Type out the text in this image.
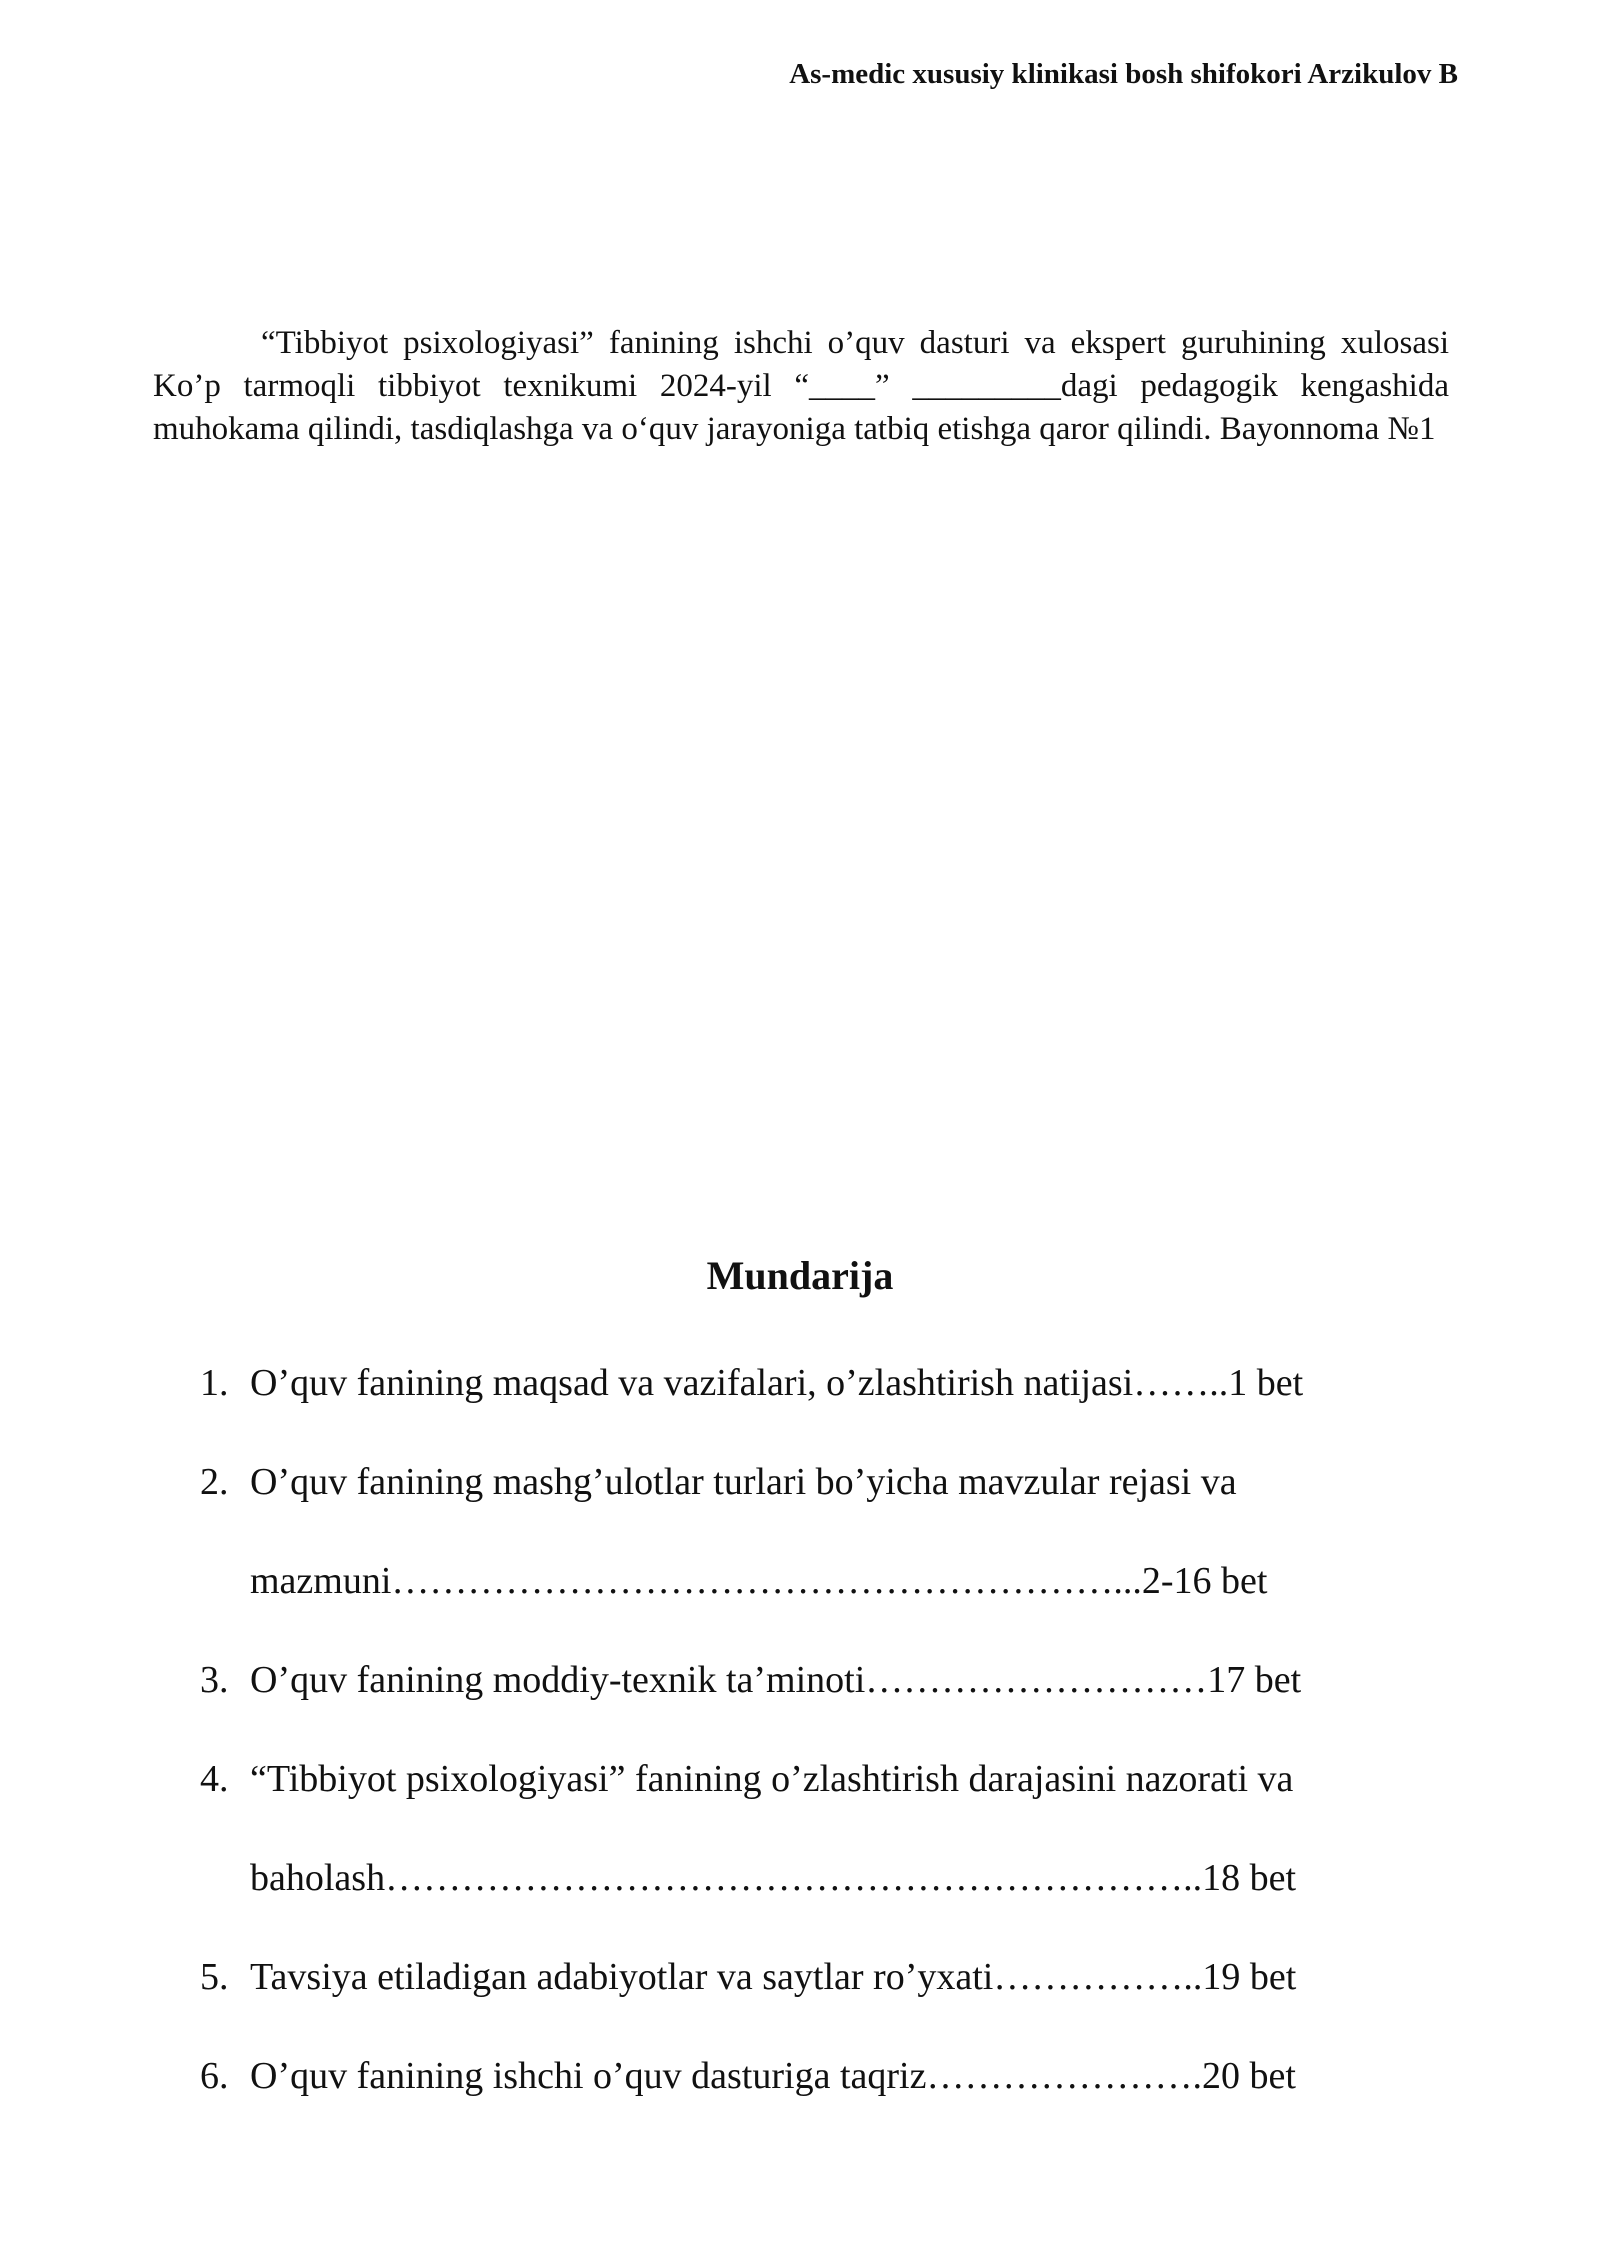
As-medic xususiy klinikasi bosh shifokori Arzikulov B

“Tibbiyot psixologiyasi” fanining ishchi o’quv dasturi va ekspert guruhining xulosasi Ko’p tarmoqli tibbiyot texnikumi 2024-yil “____” _________dagi pedagogik kengashida muhokama qilindi, tasdiqlashga va o‘quv jarayoniga tatbiq etishga qaror qilindi. Bayonnoma №1

Mundarija
1. O’quv fanining maqsad va vazifalari, o’zlashtirish natijasi……..1 bet
2. O’quv fanining mashg’ulotlar turlari bo’yicha mavzular rejasi va
mazmuni…………………………………………………...2-16 bet
3. O’quv fanining moddiy-texnik ta’minoti………………………17 bet
4. “Tibbiyot psixologiyasi” fanining o’zlashtirish darajasini nazorati va
baholash………………………………………………………..18 bet
5. Tavsiya etiladigan adabiyotlar va saytlar ro’yxati……………..19 bet
6. O’quv fanining ishchi o’quv dasturiga taqriz………………….20 bet
